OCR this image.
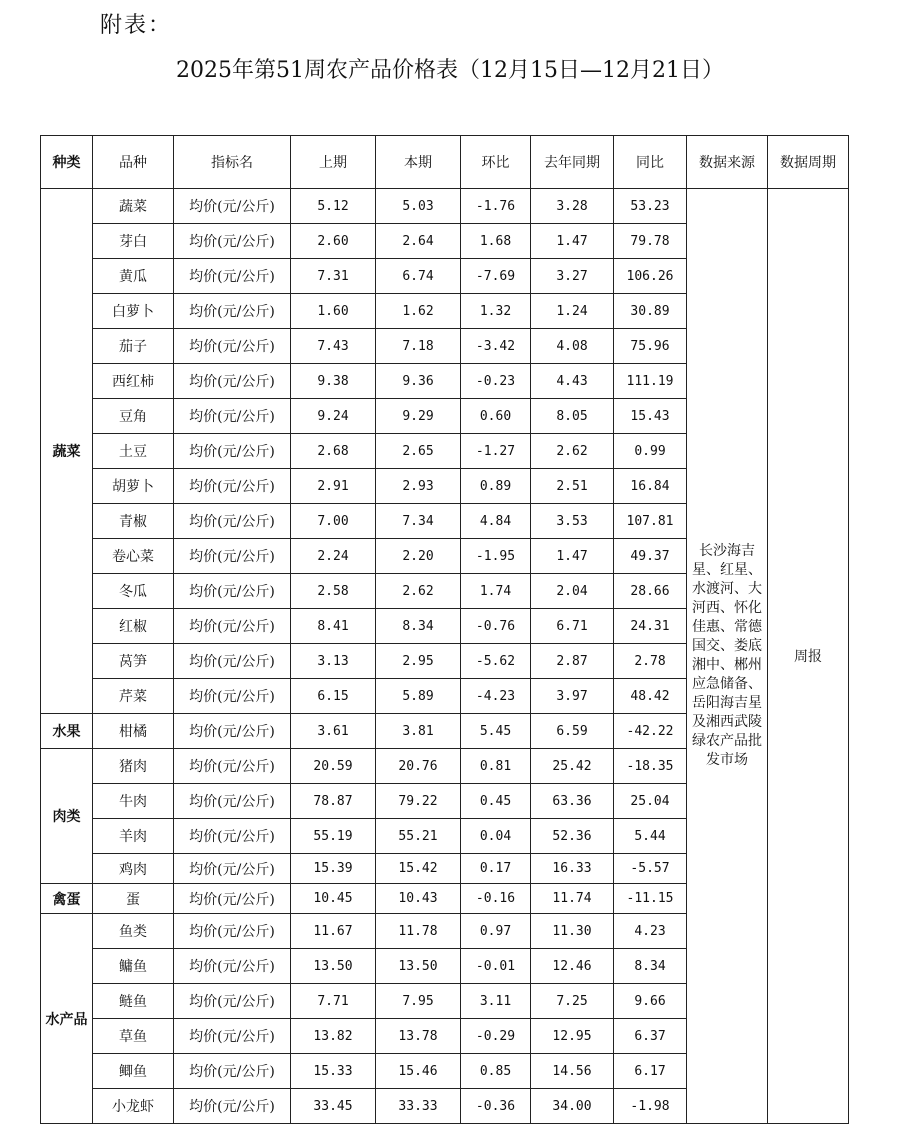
附表：
2025年第51周农产品价格表（12月15日—12月21日）
种类	品种	指标名	上期	本期	环比	去年同期	同比	数据来源	数据周期
蔬菜	蔬菜	均价(元/公斤)	5.12	5.03	-1.76	3.28	53.23	长沙海吉星、红星、水渡河、大河西、怀化佳惠、常德国交、娄底湘中、郴州应急储备、岳阳海吉星及湘西武陵绿农产品批发市场	周报
	芽白	均价(元/公斤)	2.60	2.64	1.68	1.47	79.78		
	黄瓜	均价(元/公斤)	7.31	6.74	-7.69	3.27	106.26		
	白萝卜	均价(元/公斤)	1.60	1.62	1.32	1.24	30.89		
	茄子	均价(元/公斤)	7.43	7.18	-3.42	4.08	75.96		
	西红柿	均价(元/公斤)	9.38	9.36	-0.23	4.43	111.19		
	豆角	均价(元/公斤)	9.24	9.29	0.60	8.05	15.43		
	土豆	均价(元/公斤)	2.68	2.65	-1.27	2.62	0.99		
	胡萝卜	均价(元/公斤)	2.91	2.93	0.89	2.51	16.84		
	青椒	均价(元/公斤)	7.00	7.34	4.84	3.53	107.81		
	卷心菜	均价(元/公斤)	2.24	2.20	-1.95	1.47	49.37		
	冬瓜	均价(元/公斤)	2.58	2.62	1.74	2.04	28.66		
	红椒	均价(元/公斤)	8.41	8.34	-0.76	6.71	24.31		
	莴笋	均价(元/公斤)	3.13	2.95	-5.62	2.87	2.78		
	芹菜	均价(元/公斤)	6.15	5.89	-4.23	3.97	48.42		
水果	柑橘	均价(元/公斤)	3.61	3.81	5.45	6.59	-42.22		
肉类	猪肉	均价(元/公斤)	20.59	20.76	0.81	25.42	-18.35		
	牛肉	均价(元/公斤)	78.87	79.22	0.45	63.36	25.04		
	羊肉	均价(元/公斤)	55.19	55.21	0.04	52.36	5.44		
	鸡肉	均价(元/公斤)	15.39	15.42	0.17	16.33	-5.57		
禽蛋	蛋	均价(元/公斤)	10.45	10.43	-0.16	11.74	-11.15		
水产品	鱼类	均价(元/公斤)	11.67	11.78	0.97	11.30	4.23		
	鳙鱼	均价(元/公斤)	13.50	13.50	-0.01	12.46	8.34		
	鲢鱼	均价(元/公斤)	7.71	7.95	3.11	7.25	9.66		
	草鱼	均价(元/公斤)	13.82	13.78	-0.29	12.95	6.37		
	鲫鱼	均价(元/公斤)	15.33	15.46	0.85	14.56	6.17		
	小龙虾	均价(元/公斤)	33.45	33.33	-0.36	34.00	-1.98		
